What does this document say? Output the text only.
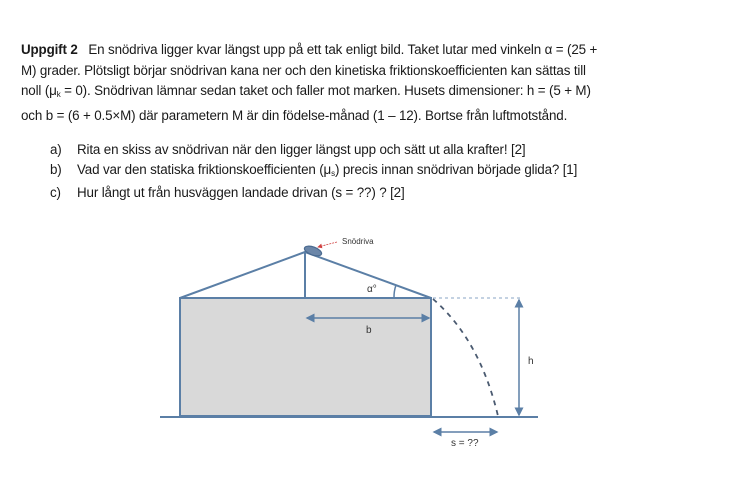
Uppgift 2 En snödriva ligger kvar längst upp på ett tak enligt bild. Taket lutar med vinkeln α = (25 +
M) grader. Plötsligt börjar snödrivan kana ner och den kinetiska friktionskoefficienten kan sättas till
noll $(\mu_k = 0)$. Snödrivan lämnar sedan taket och faller mot marken. Husets dimensioner: h = (5 + M)
och b = (6 + 0.5×M) där parametern M är din födelse-månad (1 – 12). Bortse från luftmotstånd.
a)	Rita en skiss av snödrivan när den ligger längst upp och sätt ut alla krafter! [2]
b)	Vad var den statiska friktionskoefficienten $(\mu_s)$ precis innan snödrivan började glida? [1]
c)	Hur långt ut från husväggen landade drivan (s = ??) ? [2]
Snödriva
α°
b
h
s = ??
